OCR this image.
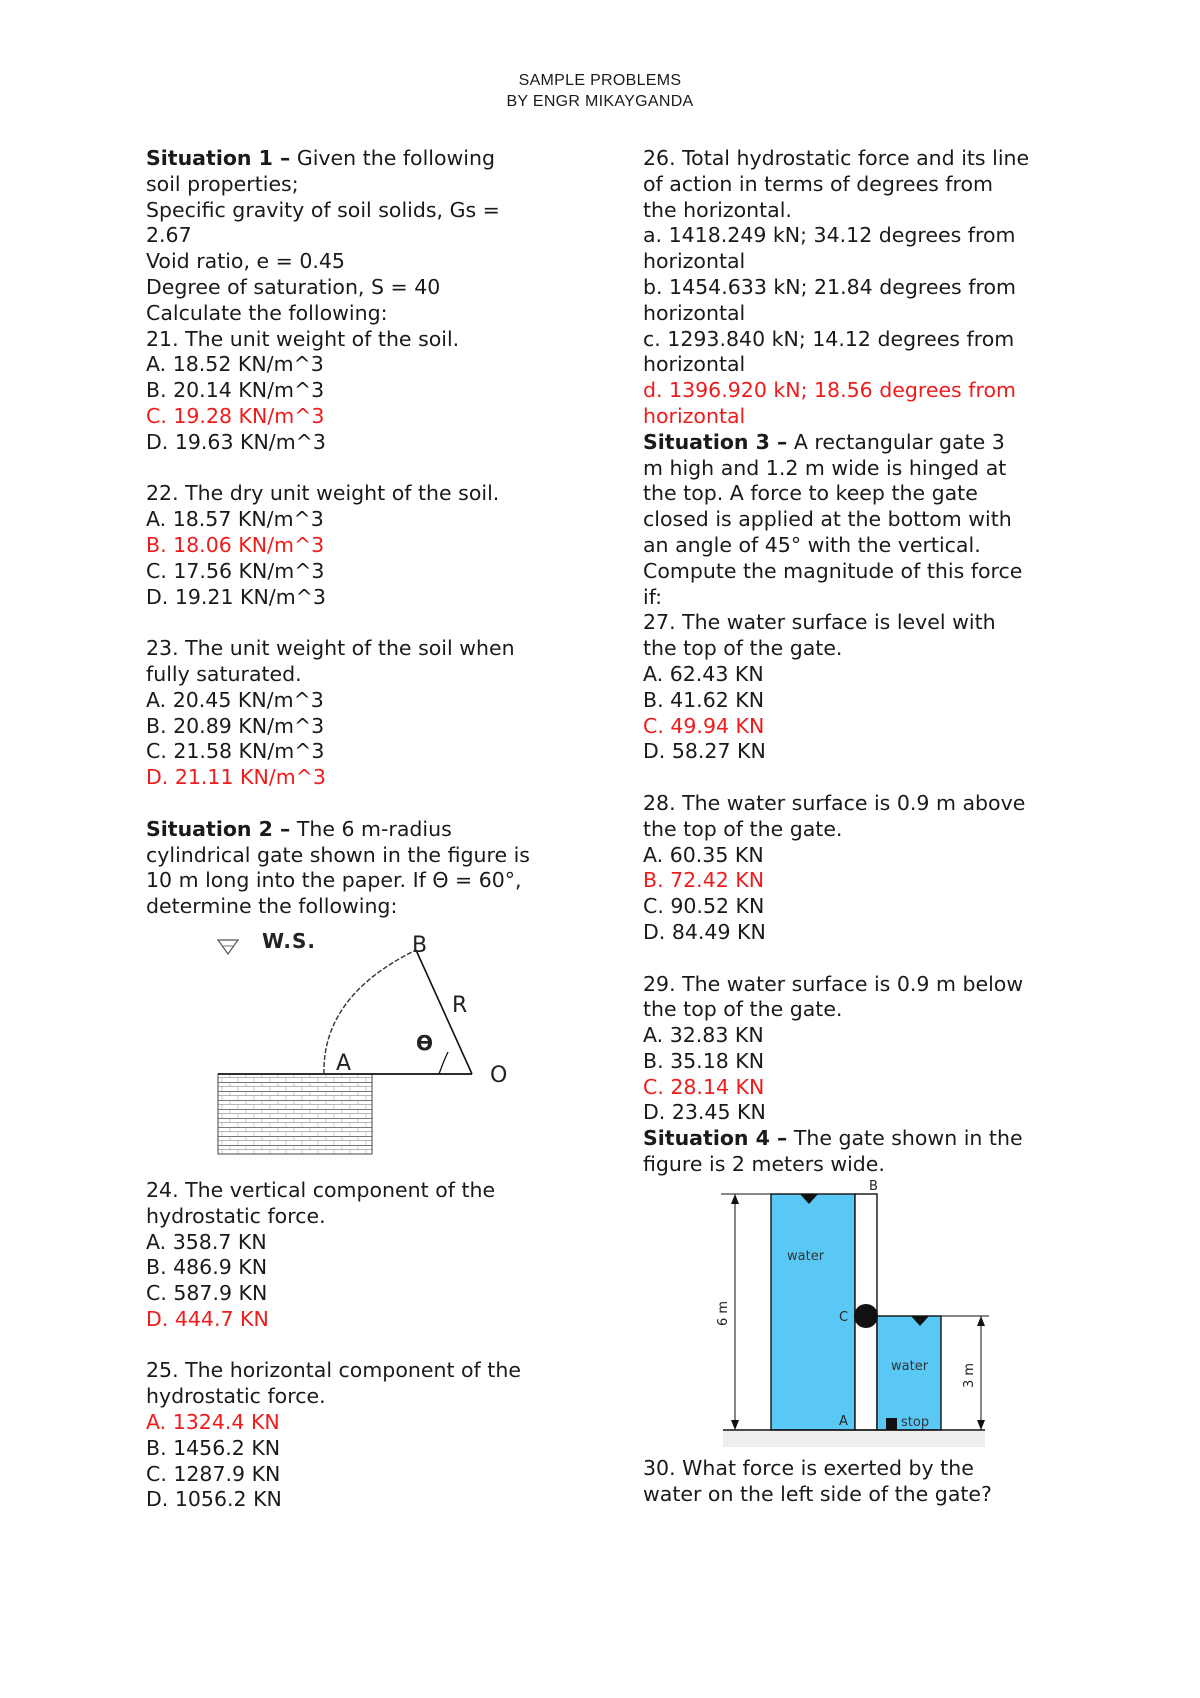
SAMPLE PROBLEMS
BY ENGR MIKAYGANDA
Situation 1 – Given the following
soil properties;
Specific gravity of soil solids, Gs =
2.67
Void ratio, e = 0.45
Degree of saturation, S = 40
Calculate the following:
21. The unit weight of the soil.
A. 18.52 KN/m^3
B. 20.14 KN/m^3
C. 19.28 KN/m^3
D. 19.63 KN/m^3
22. The dry unit weight of the soil.
A. 18.57 KN/m^3
B. 18.06 KN/m^3
C. 17.56 KN/m^3
D. 19.21 KN/m^3
23. The unit weight of the soil when
fully saturated.
A. 20.45 KN/m^3
B. 20.89 KN/m^3
C. 21.58 KN/m^3
D. 21.11 KN/m^3
Situation 2 – The 6 m-radius
cylindrical gate shown in the figure is
10 m long into the paper. If Θ = 60°,
determine the following:
W.S.	B
R
ϴ
A	O
24. The vertical component of the
hydrostatic force.
A. 358.7 KN
B. 486.9 KN
C. 587.9 KN
D. 444.7 KN
25. The horizontal component of the
hydrostatic force.
A. 1324.4 KN
B. 1456.2 KN
C. 1287.9 KN
D. 1056.2 KN
26. Total hydrostatic force and its line
of action in terms of degrees from
the horizontal.
a. 1418.249 kN; 34.12 degrees from
horizontal
b. 1454.633 kN; 21.84 degrees from
horizontal
c. 1293.840 kN; 14.12 degrees from
horizontal
d. 1396.920 kN; 18.56 degrees from
horizontal
Situation 3 – A rectangular gate 3
m high and 1.2 m wide is hinged at
the top. A force to keep the gate
closed is applied at the bottom with
an angle of 45° with the vertical.
Compute the magnitude of this force
if:
27. The water surface is level with
the top of the gate.
A. 62.43 KN
B. 41.62 KN
C. 49.94 KN
D. 58.27 KN
28. The water surface is 0.9 m above
the top of the gate.
A. 60.35 KN
B. 72.42 KN
C. 90.52 KN
D. 84.49 KN
29. The water surface is 0.9 m below
the top of the gate.
A. 32.83 KN
B. 35.18 KN
C. 28.14 KN
D. 23.45 KN
Situation 4 – The gate shown in the
figure is 2 meters wide.
6 m
3 m
B
C
A
water
water
stop
30. What force is exerted by the
water on the left side of the gate?
